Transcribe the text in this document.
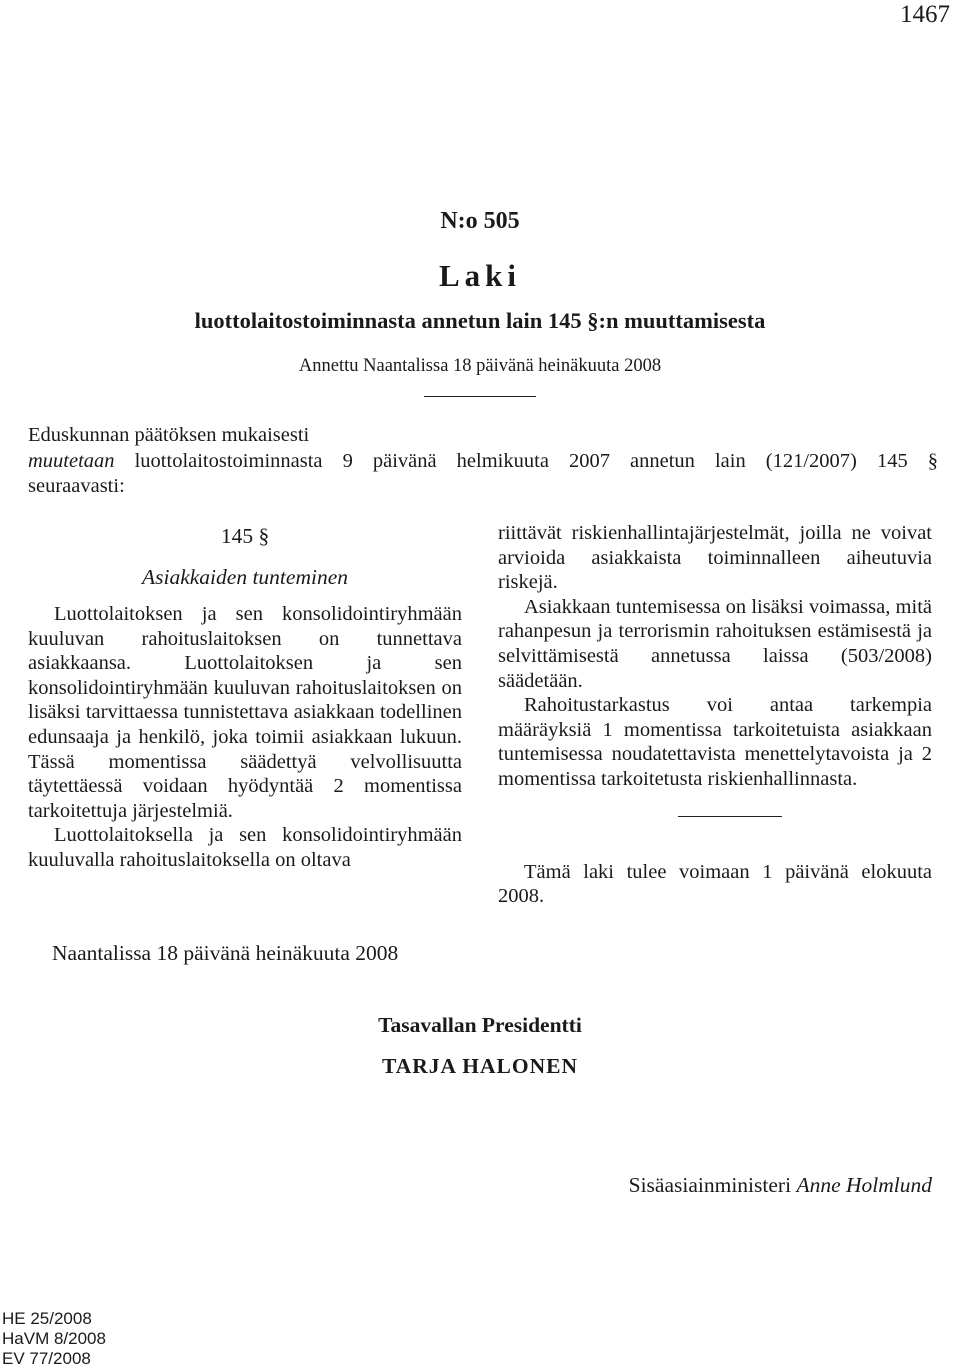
1467
N:o 505
Laki
luottolaitostoiminnasta annetun lain 145 §:n muuttamisesta
Annettu Naantalissa 18 päivänä heinäkuuta 2008
Eduskunnan päätöksen mukaisesti
muutetaan luottolaitostoiminnasta 9 päivänä helmikuuta 2007 annetun lain (121/2007) 145 §
seuraavasti:
145 §
Asiakkaiden tunteminen

Luottolaitoksen ja sen konsolidointiryhmään kuuluvan rahoituslaitoksen on tunnettava asiakkaansa. Luottolaitoksen ja sen konsolidointiryhmään kuuluvan rahoituslaitoksen on lisäksi tarvittaessa tunnistettava asiakkaan todellinen edunsaaja ja henkilö, joka toimii asiakkaan lukuun. Tässä momentissa säädettyä velvollisuutta täytettäessä voidaan hyödyntää 2 momentissa tarkoitettuja järjestelmiä.

Luottolaitoksella ja sen konsolidointiryhmään kuuluvalla rahoituslaitoksella on oltava

riittävät riskienhallintajärjestelmät, joilla ne voivat arvioida asiakkaista toiminnalleen aiheutuvia riskejä.

Asiakkaan tuntemisessa on lisäksi voimassa, mitä rahanpesun ja terrorismin rahoituksen estämisestä ja selvittämisestä annetussa laissa (503/2008) säädetään.

Rahoitustarkastus voi antaa tarkempia määräyksiä 1 momentissa tarkoitetuista asiakkaan tuntemisessa noudatettavista menettelytavoista ja 2 momentissa tarkoitetusta riskienhallinnasta.

Tämä laki tulee voimaan 1 päivänä elokuuta 2008.

Naantalissa 18 päivänä heinäkuuta 2008
Tasavallan Presidentti
TARJA HALONEN
Sisäasiainministeri Anne Holmlund
HE 25/2008
HaVM 8/2008
EV 77/2008
